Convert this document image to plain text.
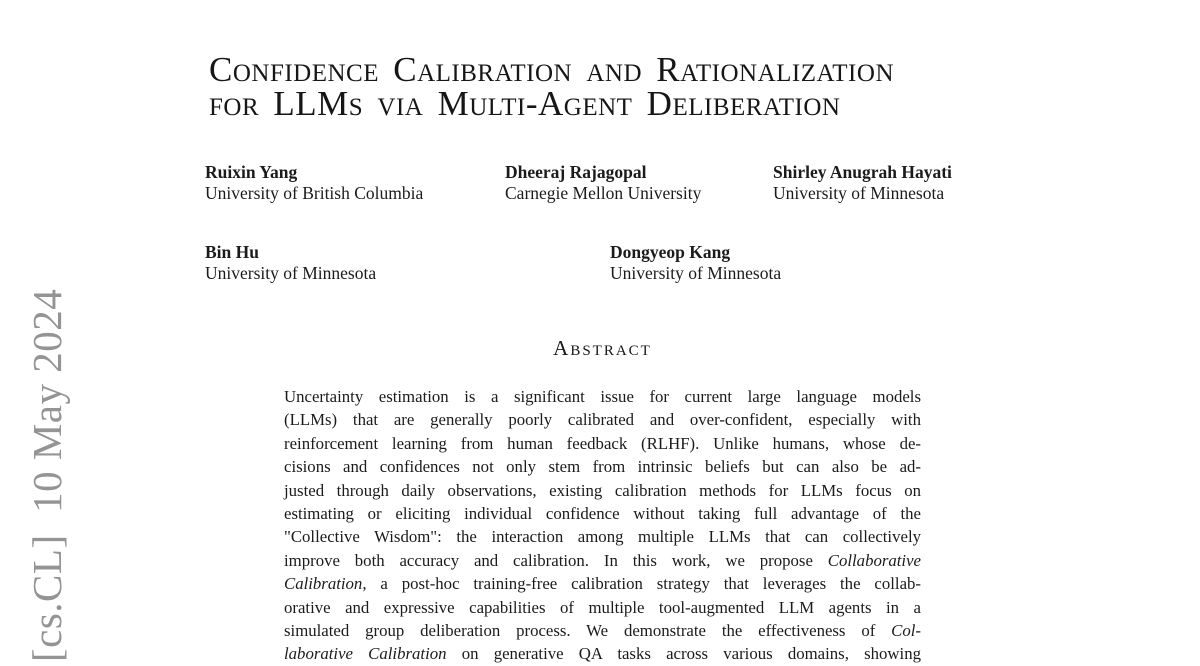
[cs.CL]  10 May 2024
Confidence Calibration and Rationalization
for LLMs via Multi-Agent Deliberation
Ruixin Yang
University of British Columbia
Dheeraj Rajagopal
Carnegie Mellon University
Shirley Anugrah Hayati
University of Minnesota
Bin Hu
University of Minnesota
Dongyeop Kang
University of Minnesota
Abstract
Uncertainty estimation is a significant issue for current large language models
(LLMs) that are generally poorly calibrated and over-confident, especially with
reinforcement learning from human feedback (RLHF). Unlike humans, whose de-
cisions and confidences not only stem from intrinsic beliefs but can also be ad-
justed through daily observations, existing calibration methods for LLMs focus on
estimating or eliciting individual confidence without taking full advantage of the
"Collective Wisdom": the interaction among multiple LLMs that can collectively
improve both accuracy and calibration. In this work, we propose Collaborative
Calibration, a post-hoc training-free calibration strategy that leverages the collab-
orative and expressive capabilities of multiple tool-augmented LLM agents in a
simulated group deliberation process. We demonstrate the effectiveness of Col-
laborative Calibration on generative QA tasks across various domains, showing
